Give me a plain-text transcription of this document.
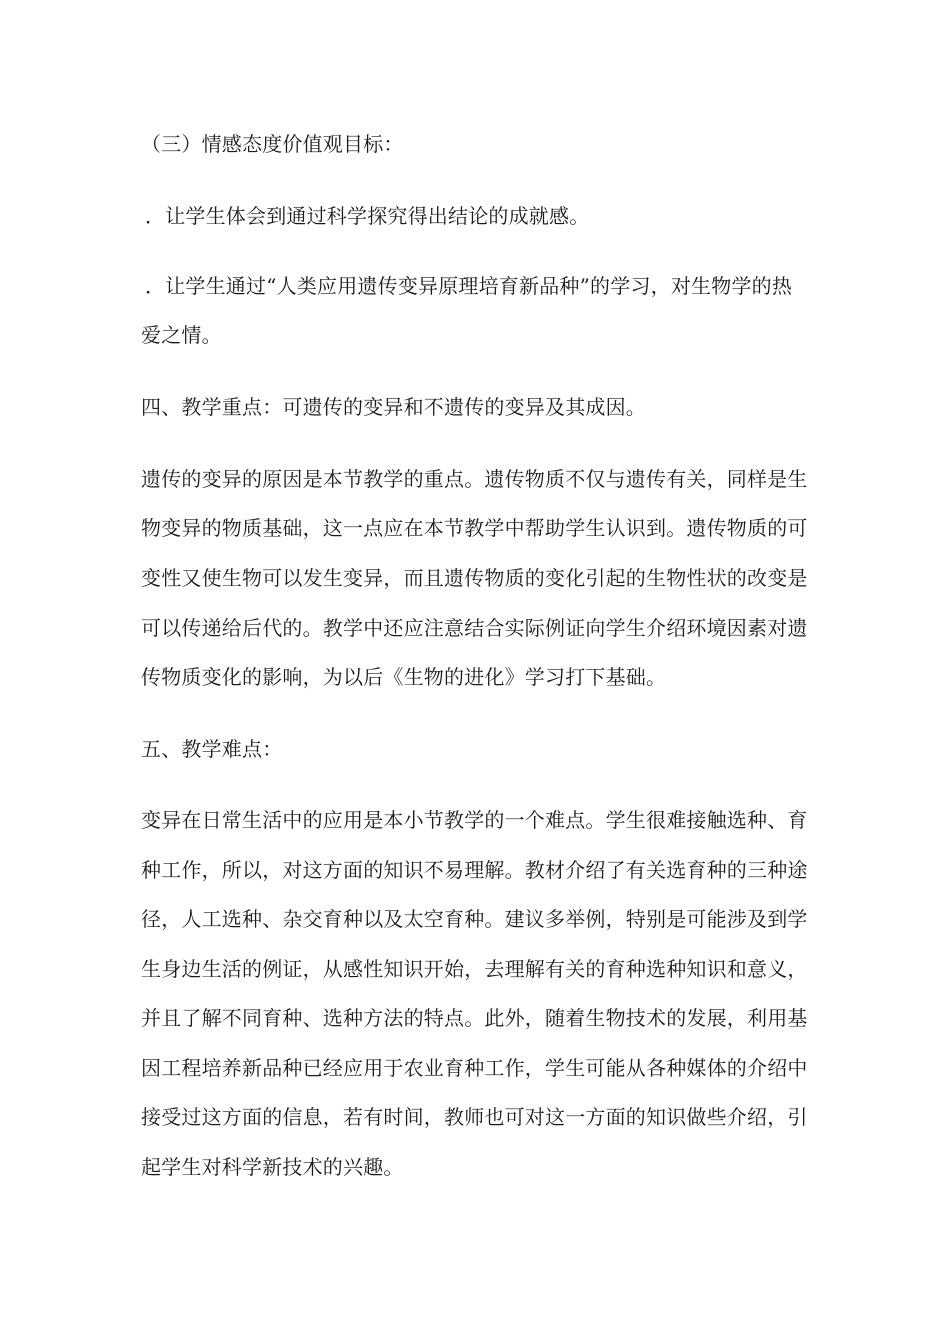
（三）情感态度价值观目标：
．让学生体会到通过科学探究得出结论的成就感。
．让学生通过“人类应用遗传变异原理培育新品种”的学习，对生物学的热
爱之情。
四、教学重点：可遗传的变异和不遗传的变异及其成因。
遗传的变异的原因是本节教学的重点。遗传物质不仅与遗传有关，同样是生
物变异的物质基础，这一点应在本节教学中帮助学生认识到。遗传物质的可
变性又使生物可以发生变异，而且遗传物质的变化引起的生物性状的改变是
可以传递给后代的。教学中还应注意结合实际例证向学生介绍环境因素对遗
传物质变化的影响，为以后《生物的进化》学习打下基础。
五、教学难点：
变异在日常生活中的应用是本小节教学的一个难点。学生很难接触选种、育
种工作，所以，对这方面的知识不易理解。教材介绍了有关选育种的三种途
径，人工选种、杂交育种以及太空育种。建议多举例，特别是可能涉及到学
生身边生活的例证，从感性知识开始，去理解有关的育种选种知识和意义，
并且了解不同育种、选种方法的特点。此外，随着生物技术的发展，利用基
因工程培养新品种已经应用于农业育种工作，学生可能从各种媒体的介绍中
接受过这方面的信息，若有时间，教师也可对这一方面的知识做些介绍，引
起学生对科学新技术的兴趣。
